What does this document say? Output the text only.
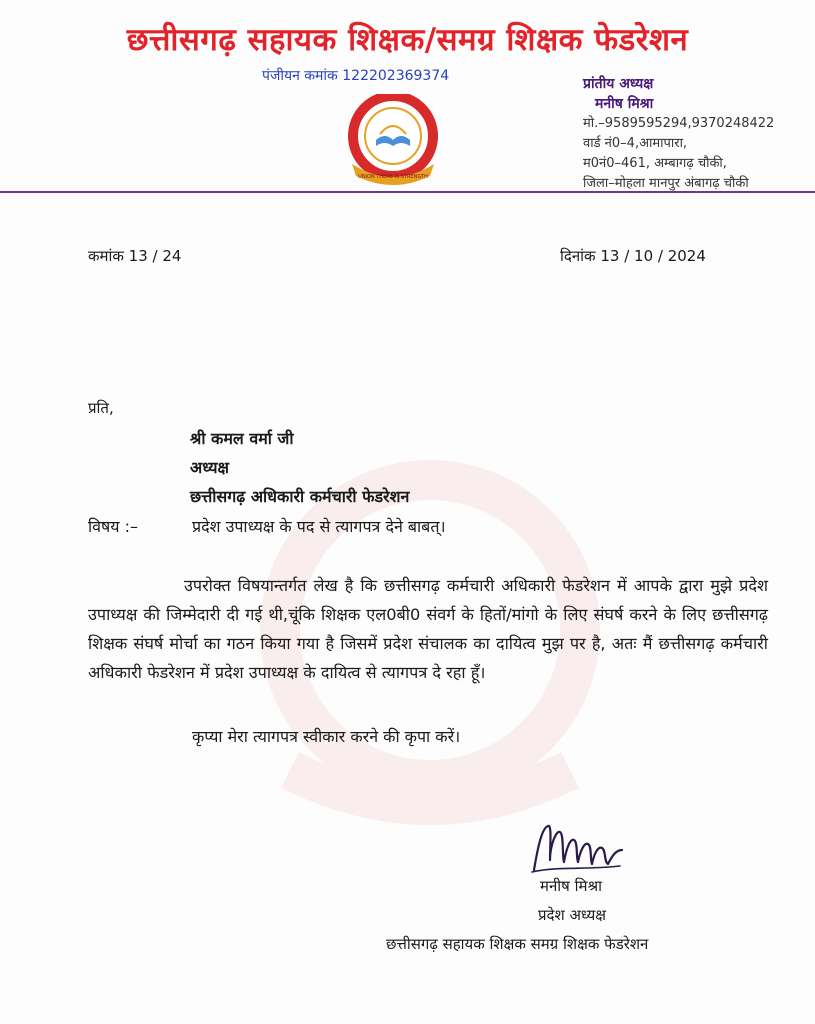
छत्तीसगढ़ सहायक शिक्षक/समग्र शिक्षक फेडरेशन
पंजीयन कमांक 122202369374
UNION THERE IS STRENGTH
प्रांतीय अध्यक्ष
मनीष मिश्रा
मो.–9589595294,9370248422
वार्ड नं0–4,आमापारा,
म0नं0–461, अम्बागढ़ चौकी,
जिला–मोहला मानपुर अंबागढ़ चौकी
कमांक 13 / 24	दिनांक 13 / 10 / 2024
प्रति,
श्री कमल वर्मा जी
अध्यक्ष
छत्तीसगढ़ अधिकारी कर्मचारी फेडरेशन
विषय :–	प्रदेश उपाध्यक्ष के पद से त्यागपत्र देने बाबत्।

उपरोक्त विषयान्तर्गत लेख है कि छत्तीसगढ़ कर्मचारी अधिकारी फेडरेशन में आपके द्वारा मुझे प्रदेश उपाध्यक्ष की जिम्मेदारी दी गई थी,चूंकि शिक्षक एल0बी0 संवर्ग के हितों/मांगो के लिए संघर्ष करने के लिए छत्तीसगढ़ शिक्षक संघर्ष मोर्चा का गठन किया गया है जिसमें प्रदेश संचालक का दायित्व मुझ पर है, अतः मैं छत्तीसगढ़ कर्मचारी अधिकारी फेडरेशन में प्रदेश उपाध्यक्ष के दायित्व से त्यागपत्र दे रहा हूँ।

कृप्या मेरा त्यागपत्र स्वीकार करने की कृपा करें।
मनीष मिश्रा
प्रदेश अध्यक्ष
छत्तीसगढ़ सहायक शिक्षक समग्र शिक्षक फेडरेशन
